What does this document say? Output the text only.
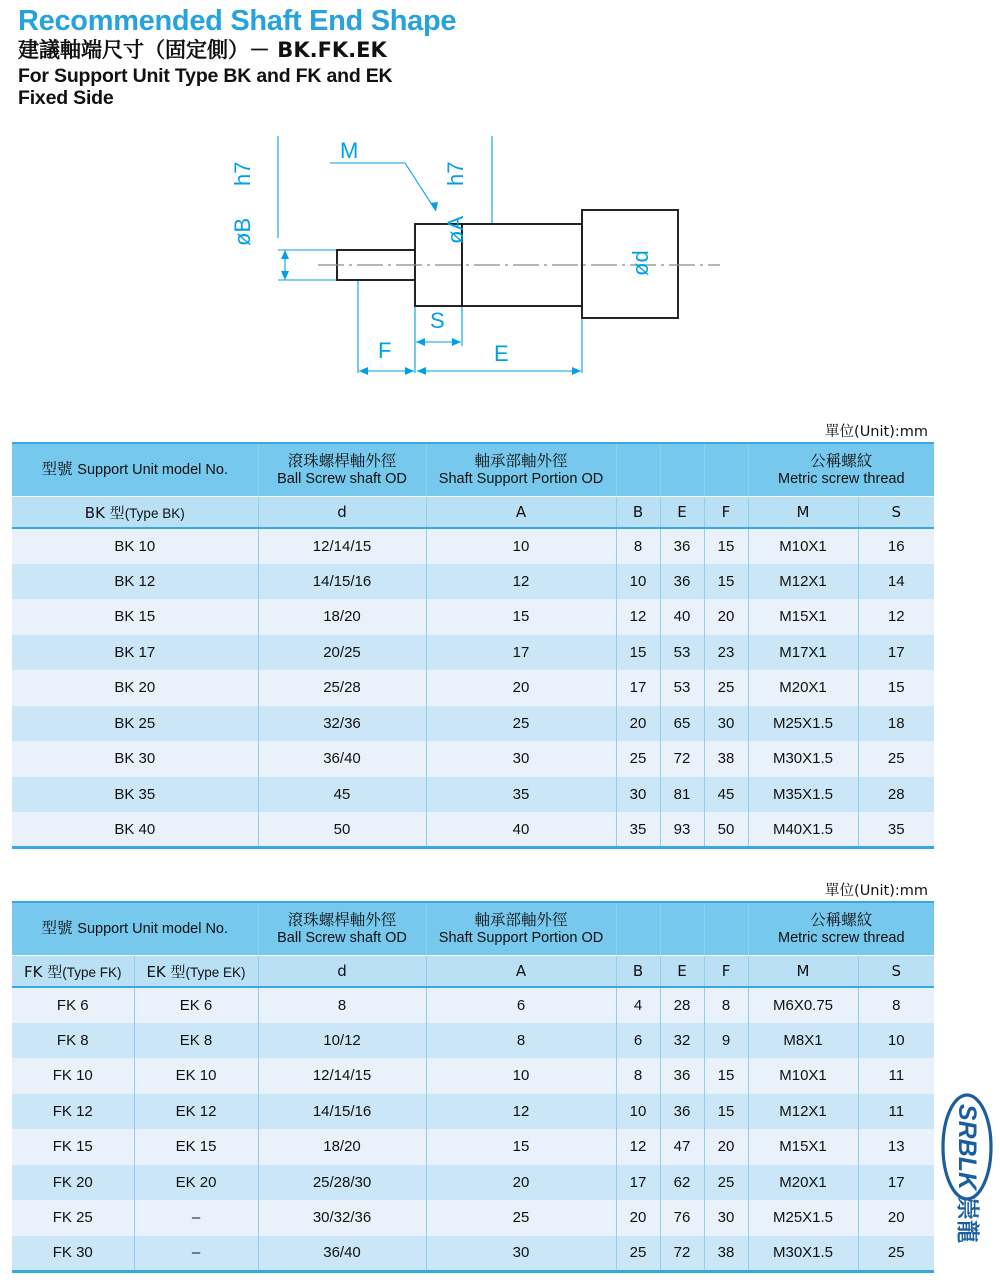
Recommended Shaft End Shape
建議軸端尺寸（固定側）－ BK.FK.EK
For Support Unit Type BK and FK and EK
Fixed Side
h7
øB
h7
øA
ød
M
S
F	E
單位(Unit):mm
單位(Unit):mm
型號 Support Unit model No.	滾珠螺桿軸外徑
Ball Screw shaft OD	軸承部軸外徑
Shaft Support Portion OD				公稱螺紋
Metric screw thread	

BK 型(Type BK)	d	A	B	E	F	M	S
BK 10	12/14/15	10	8	36	15	M10X1	16
BK 12	14/15/16	12	10	36	15	M12X1	14
BK 15	18/20	15	12	40	20	M15X1	12
BK 17	20/25	17	15	53	23	M17X1	17
BK 20	25/28	20	17	53	25	M20X1	15
BK 25	32/36	25	20	65	30	M25X1.5	18
BK 30	36/40	30	25	72	38	M30X1.5	25
BK 35	45	35	30	81	45	M35X1.5	28
BK 40	50	40	35	93	50	M40X1.5	35
型號 Support Unit model No.		滾珠螺桿軸外徑
Ball Screw shaft OD	軸承部軸外徑
Shaft Support Portion OD				公稱螺紋
Metric screw thread	

FK 型(Type FK)	EK 型(Type EK)	d	A	B	E	F	M	S
FK 6	EK 6	8	6	4	28	8	M6X0.75	8
FK 8	EK 8	10/12	8	6	32	9	M8X1	10
FK 10	EK 10	12/14/15	10	8	36	15	M10X1	11
FK 12	EK 12	14/15/16	12	10	36	15	M12X1	11
FK 15	EK 15	18/20	15	12	47	20	M15X1	13
FK 20	EK 20	25/28/30	20	17	62	25	M20X1	17
FK 25	–	30/32/36	25	20	76	30	M25X1.5	20
FK 30	–	36/40	30	25	72	38	M30X1.5	25
SRBLK
崇龍
